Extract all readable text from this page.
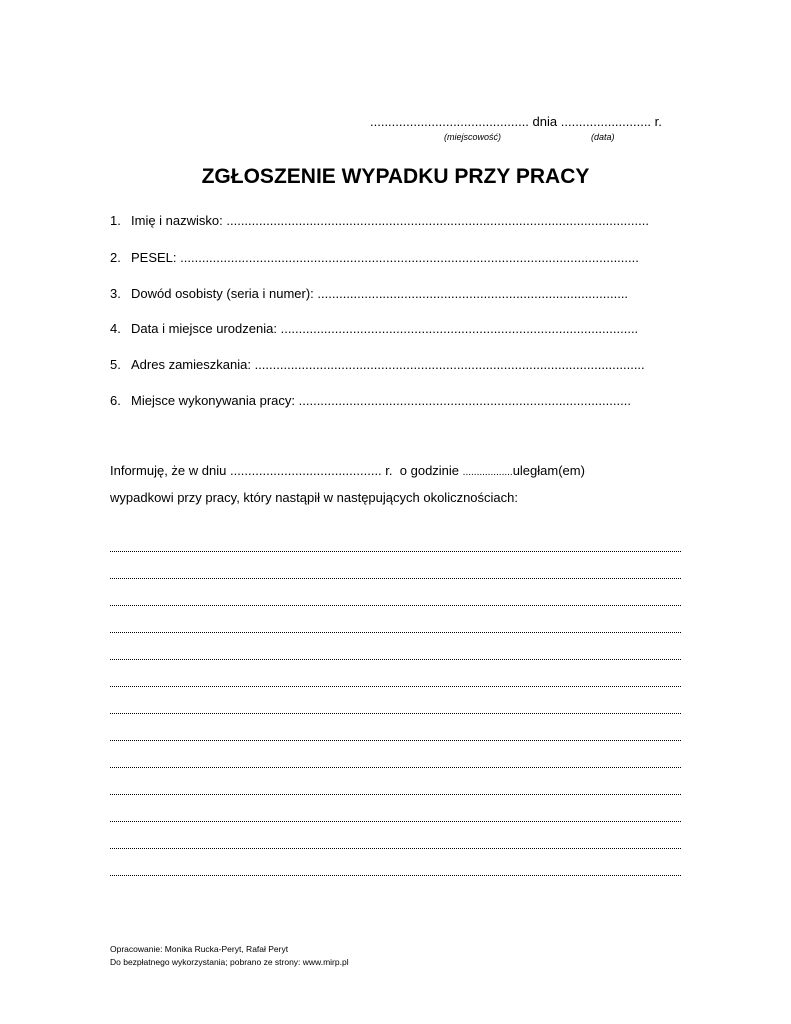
............................................ dnia ......................... r.
(miejscowość)	(data)
ZGŁOSZENIE WYPADKU PRZY PRACY
1. Imię i nazwisko: .....................................................................................................................
2. PESEL: ...............................................................................................................................
3. Dowód osobisty (seria i numer): ......................................................................................
4. Data i miejsce urodzenia: ...................................................................................................
5. Adres zamieszkania: ............................................................................................................
6. Miejsce wykonywania pracy: ............................................................................................
Informuję, że w dniu .......................................... r. o godzinie ..................uległam(em)
wypadkowi przy pracy, który nastąpił w następujących okolicznościach:
Opracowanie: Monika Rucka-Peryt, Rafał Peryt
Do bezpłatnego wykorzystania; pobrano ze strony: www.mirp.pl
